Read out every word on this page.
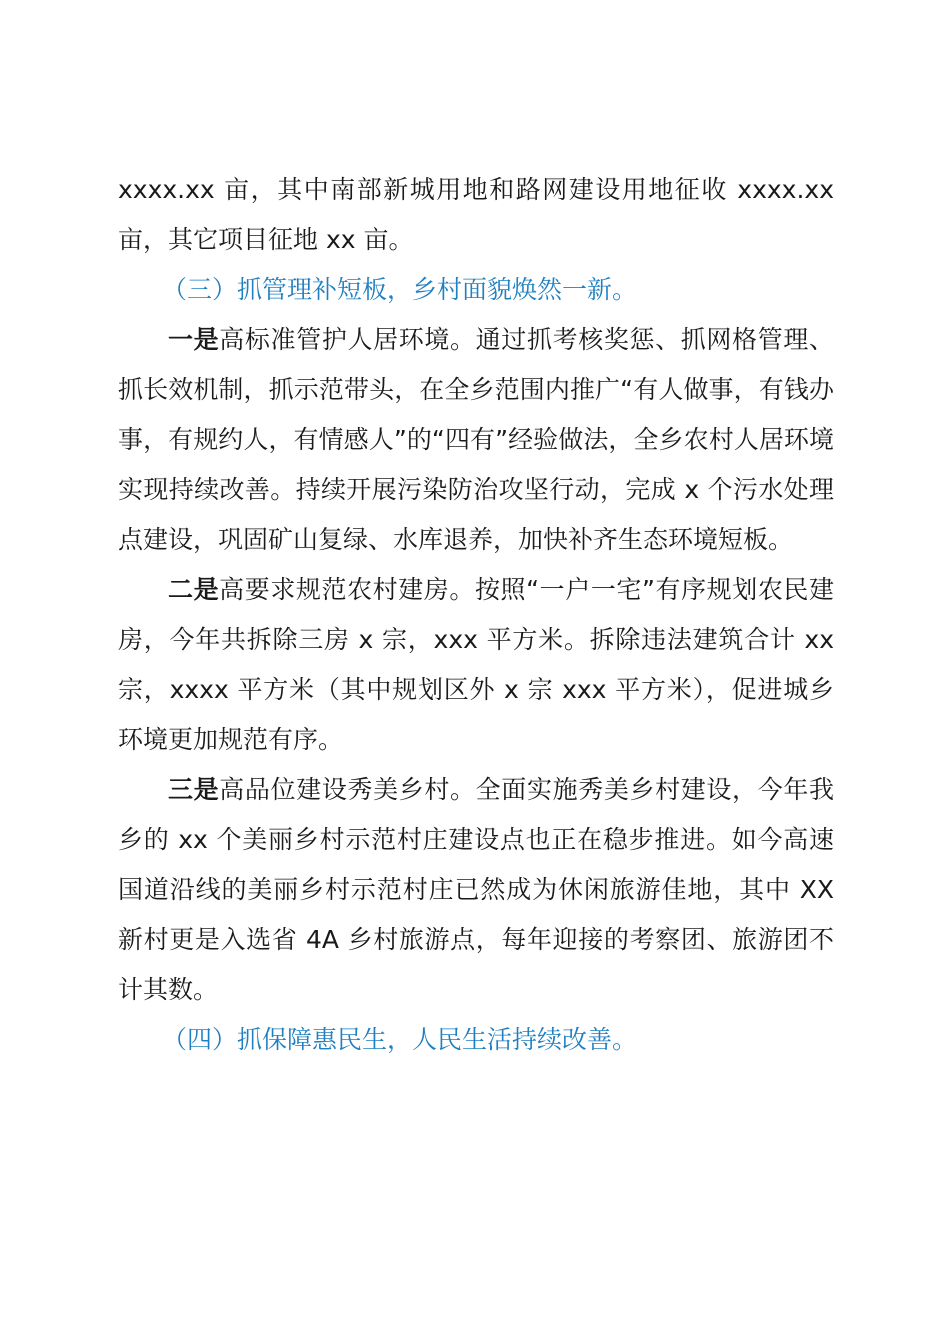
xxxx.xx 亩，其中南部新城用地和路网建设用地征收 xxxx.xx 亩，其它项目征地 xx 亩。

（三）抓管理补短板，乡村面貌焕然一新。

一是高标准管护人居环境。通过抓考核奖惩、抓网格管理、抓长效机制，抓示范带头，在全乡范围内推广“有人做事，有钱办事，有规约人，有情感人”的“四有”经验做法，全乡农村人居环境实现持续改善。持续开展污染防治攻坚行动，完成 x 个污水处理点建设，巩固矿山复绿、水库退养，加快补齐生态环境短板。

二是高要求规范农村建房。按照“一户一宅”有序规划农民建房，今年共拆除三房 x 宗，xxx 平方米。拆除违法建筑合计 xx 宗，xxxx 平方米（其中规划区外 x 宗 xxx 平方米），促进城乡环境更加规范有序。

三是高品位建设秀美乡村。全面实施秀美乡村建设，今年我乡的 xx 个美丽乡村示范村庄建设点也正在稳步推进。如今高速国道沿线的美丽乡村示范村庄已然成为休闲旅游佳地，其中 XX 新村更是入选省 4A 乡村旅游点，每年迎接的考察团、旅游团不计其数。

（四）抓保障惠民生，人民生活持续改善。
